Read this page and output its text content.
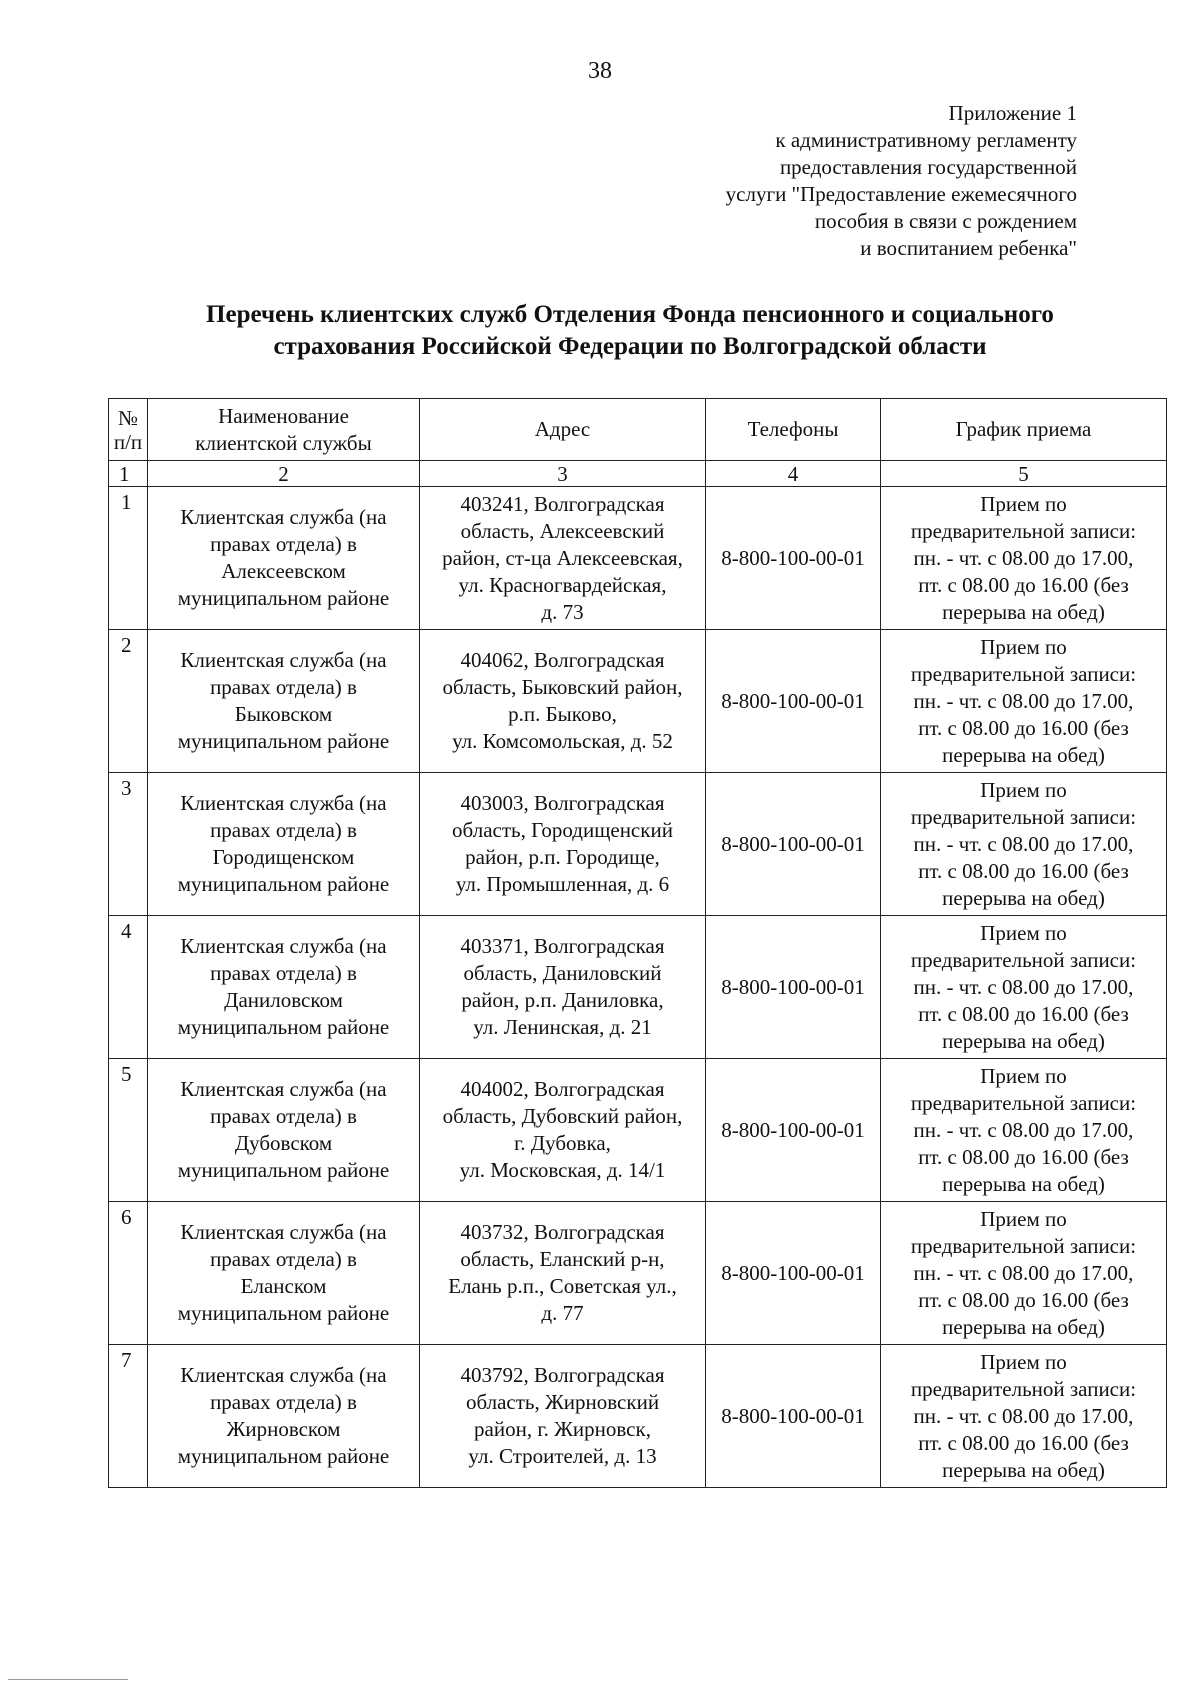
38
Приложение 1
к административному регламенту
предоставления государственной
услуги "Предоставление ежемесячного
пособия в связи с рождением
и воспитанием ребенка"
Перечень клиентских служб Отделения Фонда пенсионного и социального
страхования Российской Федерации по Волгоградской области
№
п/п	Наименование
клиентской службы	Адрес	Телефоны	График приема
1	2	3	4	5
1	Клиентская служба (на
правах отдела) в
Алексеевском
муниципальном районе	403241, Волгоградская
область, Алексеевский
район, ст-ца Алексеевская,
ул. Красногвардейская,
д. 73	8-800-100-00-01	Прием по
предварительной записи:
пн. - чт. с 08.00 до 17.00,
пт. с 08.00 до 16.00 (без
перерыва на обед)

2	Клиентская служба (на
правах отдела) в
Быковском
муниципальном районе	404062, Волгоградская
область, Быковский район,
р.п. Быково,
ул. Комсомольская, д. 52	8-800-100-00-01	Прием по
предварительной записи:
пн. - чт. с 08.00 до 17.00,
пт. с 08.00 до 16.00 (без
перерыва на обед)

3	Клиентская служба (на
правах отдела) в
Городищенском
муниципальном районе	403003, Волгоградская
область, Городищенский
район, р.п. Городище,
ул. Промышленная, д. 6	8-800-100-00-01	Прием по
предварительной записи:
пн. - чт. с 08.00 до 17.00,
пт. с 08.00 до 16.00 (без
перерыва на обед)

4	Клиентская служба (на
правах отдела) в
Даниловском
муниципальном районе	403371, Волгоградская
область, Даниловский
район, р.п. Даниловка,
ул. Ленинская, д. 21	8-800-100-00-01	Прием по
предварительной записи:
пн. - чт. с 08.00 до 17.00,
пт. с 08.00 до 16.00 (без
перерыва на обед)

5	Клиентская служба (на
правах отдела) в
Дубовском
муниципальном районе	404002, Волгоградская
область, Дубовский район,
г. Дубовка,
ул. Московская, д. 14/1	8-800-100-00-01	Прием по
предварительной записи:
пн. - чт. с 08.00 до 17.00,
пт. с 08.00 до 16.00 (без
перерыва на обед)

6	Клиентская служба (на
правах отдела) в
Еланском
муниципальном районе	403732, Волгоградская
область, Еланский р-н,
Елань р.п., Советская ул.,
д. 77	8-800-100-00-01	Прием по
предварительной записи:
пн. - чт. с 08.00 до 17.00,
пт. с 08.00 до 16.00 (без
перерыва на обед)

7	Клиентская служба (на
правах отдела) в
Жирновском
муниципальном районе	403792, Волгоградская
область, Жирновский
район, г. Жирновск,
ул. Строителей, д. 13	8-800-100-00-01	Прием по
предварительной записи:
пн. - чт. с 08.00 до 17.00,
пт. с 08.00 до 16.00 (без
перерыва на обед)
